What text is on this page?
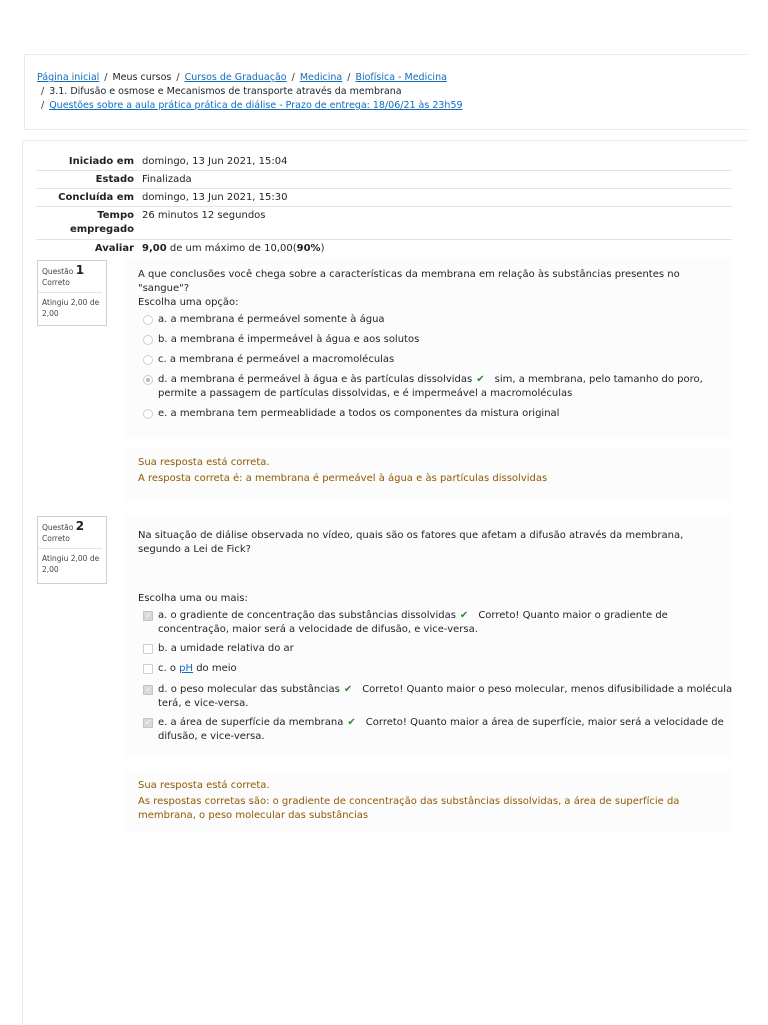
Página inicial / Meus cursos / Cursos de Graduação / Medicina / Biofísica - Medicina
/ 3.1. Difusão e osmose e Mecanismos de transporte através da membrana
/ Questões sobre a aula prática prática de diálise - Prazo de entrega: 18/06/21 às 23h59
Iniciado em	domingo, 13 Jun 2021, 15:04
Estado	Finalizada
Concluída em	domingo, 13 Jun 2021, 15:30
Tempo empregado	26 minutos 12 segundos
Avaliar	9,00 de um máximo de 10,00(90%)
Questão 1
Correto
Atingiu 2,00 de 2,00
A que conclusões você chega sobre a características da membrana em relação às substâncias presentes no "sangue"?
Escolha uma opção:
a. a membrana é permeável somente à água
b. a membrana é impermeável à água e aos solutos
c. a membrana é permeável a macromoléculas
d. a membrana é permeável à água e às partículas dissolvidas ✔ sim, a membrana, pelo tamanho do poro, permite a passagem de partículas dissolvidas, e é impermeável a macromoléculas
e. a membrana tem permeablidade a todos os componentes da mistura original
Sua resposta está correta.
A resposta correta é: a membrana é permeável à água e às partículas dissolvidas
Questão 2
Correto
Atingiu 2,00 de 2,00
Na situação de diálise observada no vídeo, quais são os fatores que afetam a difusão através da membrana, segundo a Lei de Fick?
Escolha uma ou mais:
✓
a. o gradiente de concentração das substâncias dissolvidas ✔ Correto! Quanto maior o gradiente de concentração, maior será a velocidade de difusão, e vice-versa.
b. a umidade relativa do ar
c. o pH do meio
✓
d. o peso molecular das substâncias ✔ Correto! Quanto maior o peso molecular, menos difusibilidade a molécula terá, e vice-versa.
✓
e. a área de superfície da membrana ✔ Correto! Quanto maior a área de superfície, maior será a velocidade de difusão, e vice-versa.
Sua resposta está correta.
As respostas corretas são: o gradiente de concentração das substâncias dissolvidas, a área de superfície da membrana, o peso molecular das substâncias
